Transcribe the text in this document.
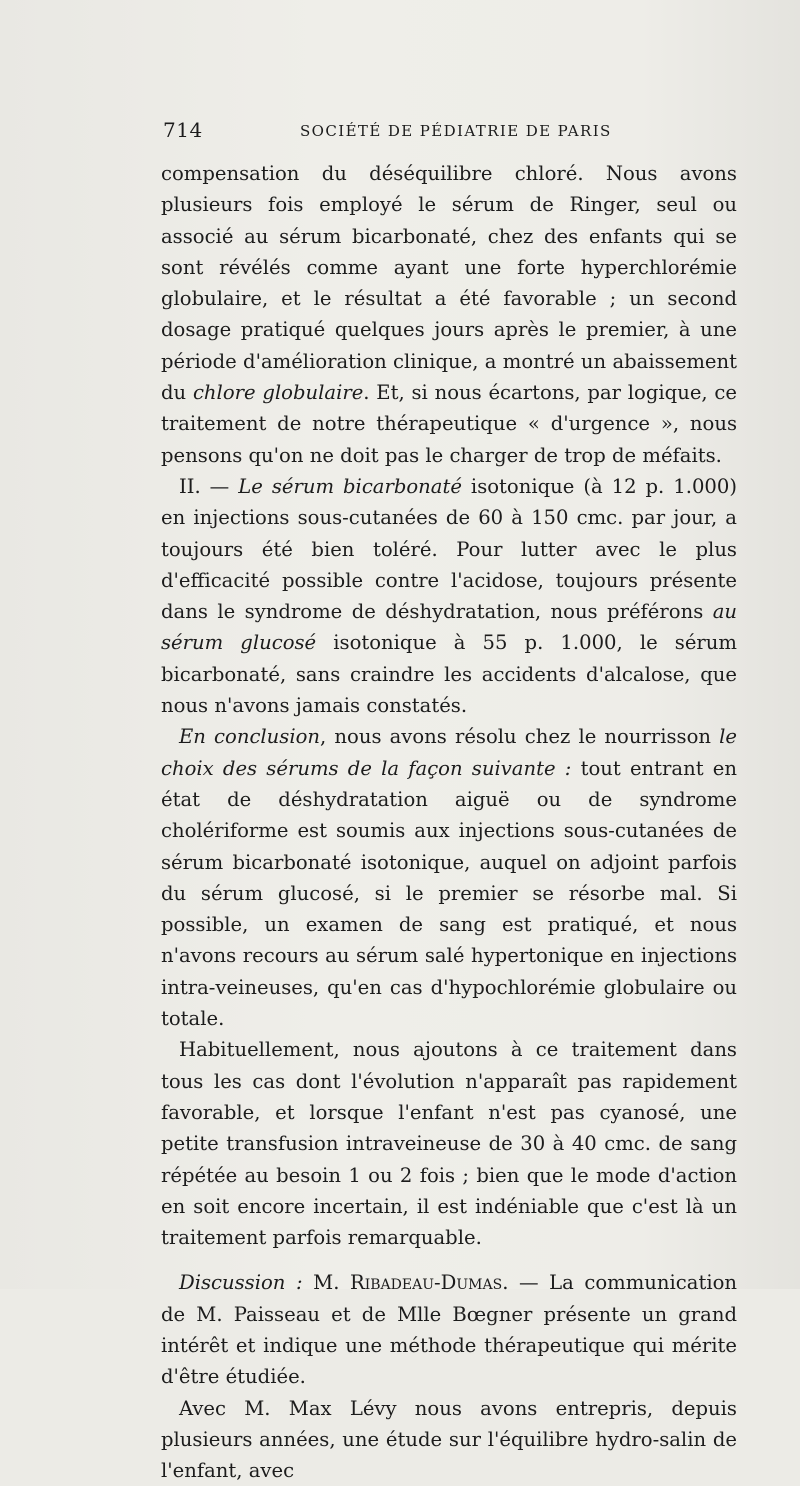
714	SOCIÉTÉ DE PÉDIATRIE DE PARIS

compensation du déséquilibre chloré. Nous avons plusieurs fois employé le sérum de Ringer, seul ou associé au sérum bicarbonaté, chez des enfants qui se sont révélés comme ayant une forte hyperchlorémie globulaire, et le résultat a été favorable ; un second dosage pratiqué quelques jours après le premier, à une période d'amélioration clinique, a montré un abaissement du chlore globulaire. Et, si nous écartons, par logique, ce traitement de notre thérapeutique « d'urgence », nous pensons qu'on ne doit pas le charger de trop de méfaits.

II. — Le sérum bicarbonaté isotonique (à 12 p. 1.000) en injections sous-cutanées de 60 à 150 cmc. par jour, a toujours été bien toléré. Pour lutter avec le plus d'efficacité possible contre l'acidose, toujours présente dans le syndrome de déshydratation, nous préférons au sérum glucosé isotonique à 55 p. 1.000, le sérum bicarbonaté, sans craindre les accidents d'alcalose, que nous n'avons jamais constatés.

En conclusion, nous avons résolu chez le nourrisson le choix des sérums de la façon suivante : tout entrant en état de déshydratation aiguë ou de syndrome cholériforme est soumis aux injections sous-cutanées de sérum bicarbonaté isotonique, auquel on adjoint parfois du sérum glucosé, si le premier se résorbe mal. Si possible, un examen de sang est pratiqué, et nous n'avons recours au sérum salé hypertonique en injections intra-veineuses, qu'en cas d'hypochlorémie globulaire ou totale.

Habituellement, nous ajoutons à ce traitement dans tous les cas dont l'évolution n'apparaît pas rapidement favorable, et lorsque l'enfant n'est pas cyanosé, une petite transfusion intraveineuse de 30 à 40 cmc. de sang répétée au besoin 1 ou 2 fois ; bien que le mode d'action en soit encore incertain, il est indéniable que c'est là un traitement parfois remarquable.

Discussion : M. Ribadeau-Dumas. — La communication de M. Paisseau et de Mlle Bœgner présente un grand intérêt et indique une méthode thérapeutique qui mérite d'être étudiée.

Avec M. Max Lévy nous avons entrepris, depuis plusieurs années, une étude sur l'équilibre hydro-salin de l'enfant, avec
